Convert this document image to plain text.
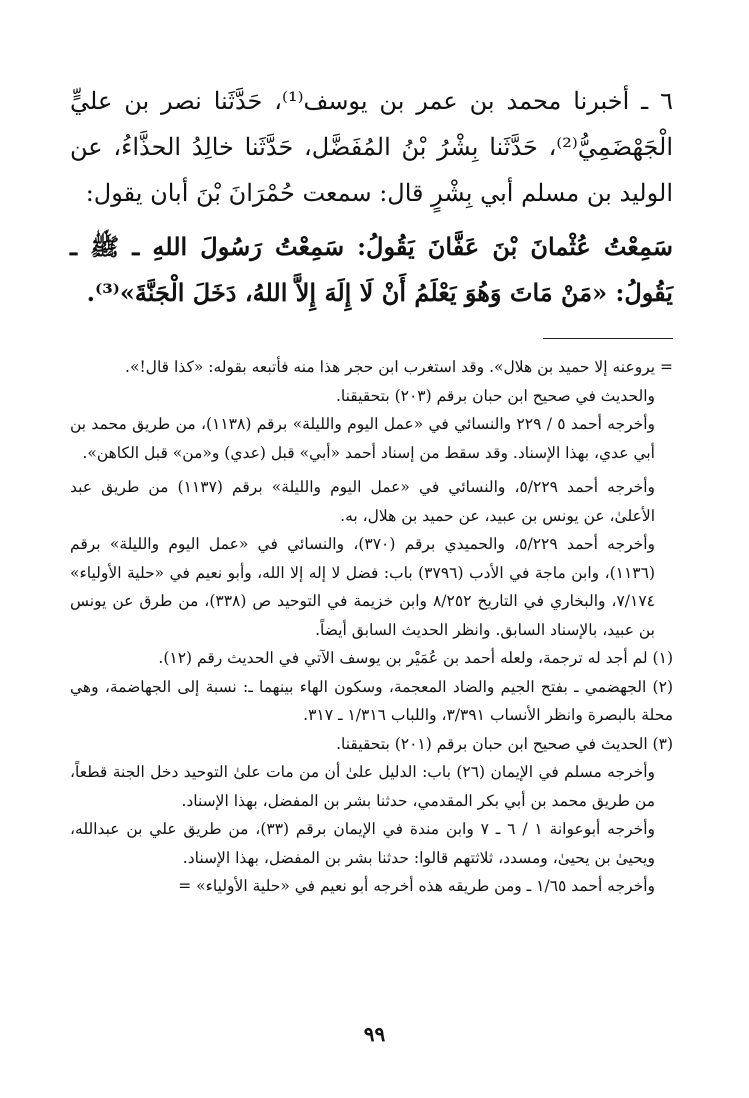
٦ ـ أخبرنا محمد بن عمر بن يوسف⁽¹⁾، حَدَّثَنا نصر بن عليٍّ الْجَهْضَمِيُّ⁽²⁾، حَدَّثَنا بِشْرُ بْنُ المُفَضَّل، حَدَّثَنا خالِدُ الحذَّاءُ، عن الوليد بن مسلم أبي بِشْرٍ قال: سمعت حُمْرَانَ بْنَ أبان يقول:

سَمِعْتُ عُثْمانَ بْنَ عَفَّانَ يَقُولُ: سَمِعْتُ رَسُولَ اللهِ ـ ﷺ ـ يَقُولُ: «مَنْ مَاتَ وَهُوَ يَعْلَمُ أَنْ لَا إِلَهَ إِلاَّ اللهُ، دَخَلَ الْجَنَّةَ»⁽³⁾.

= يروعنه إلا حميد بن هلال». وقد استغرب ابن حجر هذا منه فأتبعه بقوله: «كذا قال!».

والحديث في صحيح ابن حبان برقم (٢٠٣) بتحقيقنا.

وأخرجه أحمد ٥ / ٢٢٩ والنسائي في «عمل اليوم والليلة» برقم (١١٣٨)، من طريق محمد بن أبي عدي، بهذا الإسناد. وقد سقط من إسناد أحمد «أبي» قبل (عدي) و«من» قبل الكاهن».

وأخرجه أحمد ٥/٢٢٩، والنسائي في «عمل اليوم والليلة» برقم (١١٣٧) من طريق عبد الأعلىٰ، عن يونس بن عبيد، عن حميد بن هلال، به.

وأخرجه أحمد ٥/٢٢٩، والحميدي برقم (٣٧٠)، والنسائي في «عمل اليوم والليلة» برقم (١١٣٦)، وابن ماجة في الأدب (٣٧٩٦) باب: فضل لا إله إلا الله، وأبو نعيم في «حلية الأولياء» ٧/١٧٤، والبخاري في التاريخ ٨/٢٥٢ وابن خزيمة في التوحيد ص (٣٣٨)، من طرق عن يونس بن عبيد، بالإسناد السابق. وانظر الحديث السابق أيضاً.

(١) لم أجد له ترجمة، ولعله أحمد بن عُمَيْر بن يوسف الآتي في الحديث رقم (١٢).

(٢) الجهضمي ـ بفتح الجيم والضاد المعجمة، وسكون الهاء بينهما ـ: نسبة إلى الجهاضمة، وهي محلة بالبصرة وانظر الأنساب ٣/٣٩١، واللباب ١/٣١٦ ـ ٣١٧.

(٣) الحديث في صحيح ابن حبان برقم (٢٠١) بتحقيقنا.

وأخرجه مسلم في الإيمان (٢٦) باب: الدليل علىٰ أن من مات علىٰ التوحيد دخل الجنة قطعاً، من طريق محمد بن أبي بكر المقدمي، حدثنا بشر بن المفضل، بهذا الإسناد.

وأخرجه أبوعوانة ١ / ٦ ـ ٧ وابن مندة في الإيمان برقم (٣٣)، من طريق علي بن عبدالله، ويحيىٰ بن يحيىٰ، ومسدد، ثلاثتهم قالوا: حدثنا بشر بن المفضل، بهذا الإسناد.

وأخرجه أحمد ١/٦٥ ـ ومن طريقه هذه أخرجه أبو نعيم في «حلية الأولياء» =

٩٩
